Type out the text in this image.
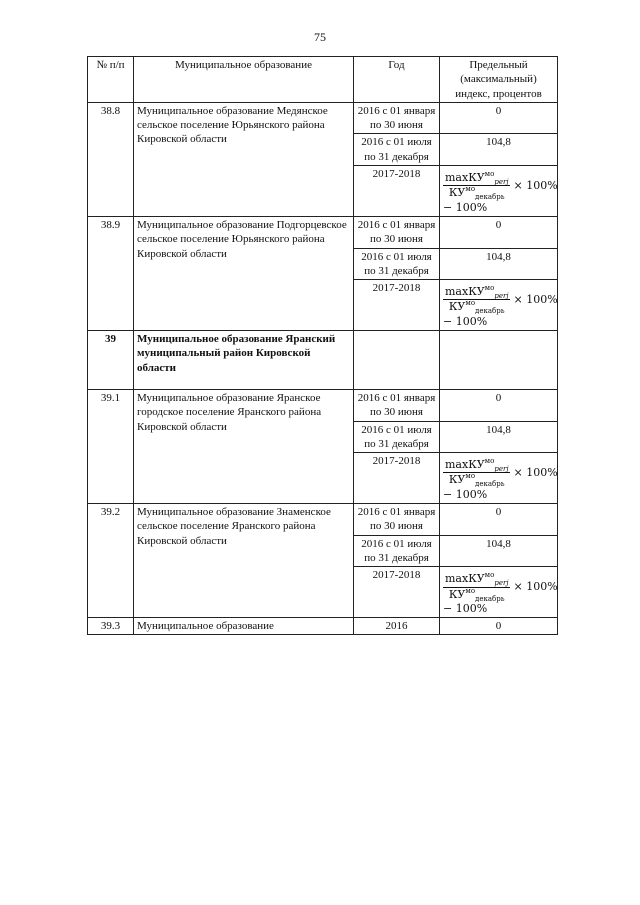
75
№ п/п	Муниципальное образование	Год	Предельный (максимальный) индекс, процентов
38.8	Муниципальное образование Медянское сельское поселение Юрьянского района Кировской области	2016 с 01 января по 30 июня	0
		2016 с 01 июля по 31 декабря	104,8
		2017-2018	$\frac{\max КУ^{мо}_{perj}}{КУ^{мо}_{декабрь}} \times 100\%$
− 100%

38.9	Муниципальное образование Подгорцевское сельское поселение Юрьянского района Кировской области	2016 с 01 января по 30 июня	0
		2016 с 01 июля по 31 декабря	104,8
		2017-2018	$\frac{\max КУ^{мо}_{perj}}{КУ^{мо}_{декабрь}} \times 100\%$
− 100%

39	Муниципальное образование Яранский муниципальный район Кировской области		
39.1	Муниципальное образование Яранское городское поселение Яранского района Кировской области	2016 с 01 января по 30 июня	0
		2016 с 01 июля по 31 декабря	104,8
		2017-2018	$\frac{\max КУ^{мо}_{perj}}{КУ^{мо}_{декабрь}} \times 100\%$
− 100%

39.2	Муниципальное образование Знаменское сельское поселение Яранского района Кировской области	2016 с 01 января по 30 июня	0
		2016 с 01 июля по 31 декабря	104,8
		2017-2018	$\frac{\max КУ^{мо}_{perj}}{КУ^{мо}_{декабрь}} \times 100\%$
− 100%

39.3	Муниципальное образование	2016	0
